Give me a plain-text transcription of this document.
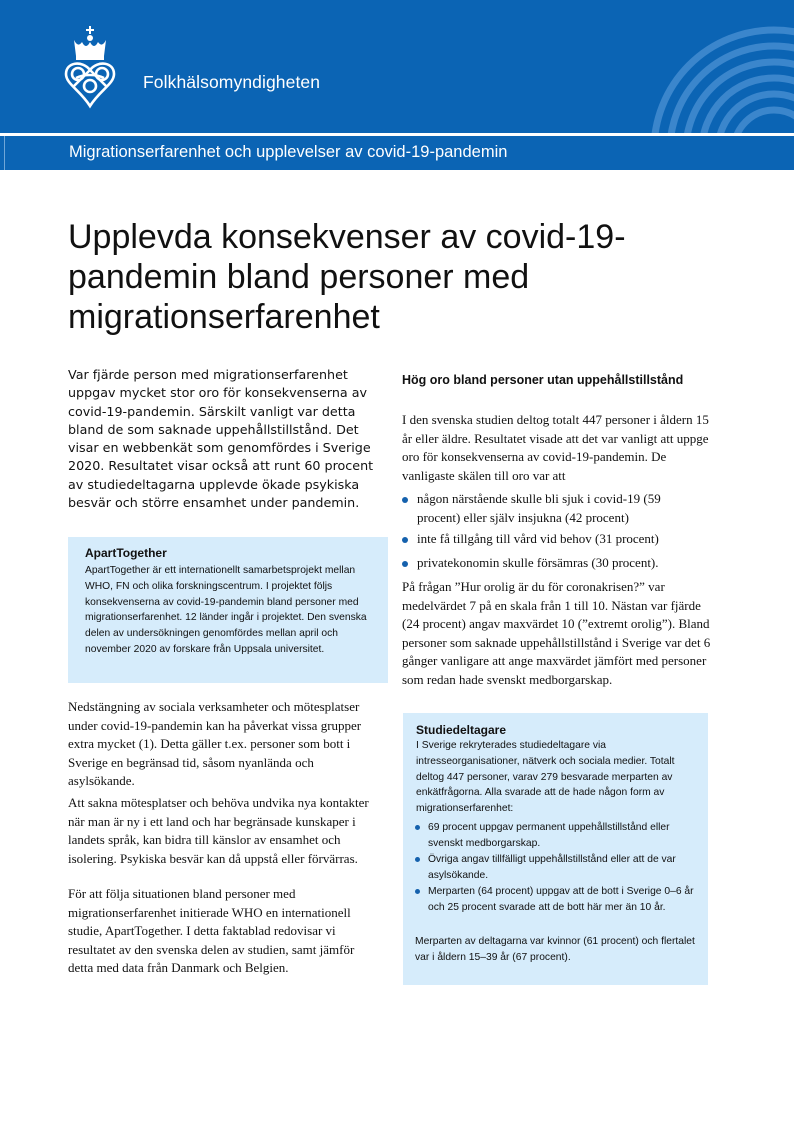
Folkhälsomyndigheten
Migrationserfarenhet och upplevelser av covid-19-pandemin
Upplevda konsekvenser av covid-19-pandemin bland personer med migrationserfarenhet

Var fjärde person med migrationserfarenhet uppgav mycket stor oro för konsekvenserna av covid-19-pandemin. Särskilt vanligt var detta bland de som saknade uppehållstillstånd. Det visar en webbenkät som genomfördes i Sverige 2020. Resultatet visar också att runt 60 procent av studiedeltagarna upplevde ökade psykiska besvär och större ensamhet under pandemin.

ApartTogether

ApartTogether är ett internationellt samarbetsprojekt mellan WHO, FN och olika forskningscentrum. I projektet följs konsekvenserna av covid-19-pandemin bland personer med migrationserfarenhet. 12 länder ingår i projektet. Den svenska delen av undersökningen genomfördes mellan april och november 2020 av forskare från Uppsala universitet.

Nedstängning av sociala verksamheter och mötesplatser under covid-19-pandemin kan ha påverkat vissa grupper extra mycket (1). Detta gäller t.ex. personer som bott i Sverige en begränsad tid, såsom nyanlända och asylsökande.

Att sakna mötesplatser och behöva undvika nya kontakter när man är ny i ett land och har begränsade kunskaper i landets språk, kan bidra till känslor av ensamhet och isolering. Psykiska besvär kan då uppstå eller förvärras.

För att följa situationen bland personer med migrationserfarenhet initierade WHO en internationell studie, ApartTogether. I detta faktablad redovisar vi resultatet av den svenska delen av studien, samt jämför detta med data från Danmark och Belgien.

Hög oro bland personer utan uppehållstillstånd

I den svenska studien deltog totalt 447 personer i åldern 15 år eller äldre. Resultatet visade att det var vanligt att uppge oro för konsekvenserna av covid-19-pandemin. De vanligaste skälen till oro var att

någon närstående skulle bli sjuk i covid-19 (59 procent) eller själv insjukna (42 procent)

inte få tillgång till vård vid behov (31 procent)

privatekonomin skulle försämras (30 procent).

På frågan ”Hur orolig är du för coronakrisen?” var medelvärdet 7 på en skala från 1 till 10. Nästan var fjärde (24 procent) angav maxvärdet 10 (”extremt orolig”). Bland personer som saknade uppehållstillstånd i Sverige var det 6 gånger vanligare att ange maxvärdet jämfört med personer som redan hade svenskt medborgarskap.

Studiedeltagare

I Sverige rekryterades studiedeltagare via intresseorganisationer, nätverk och sociala medier. Totalt deltog 447 personer, varav 279 besvarade merparten av enkätfrågorna. Alla svarade att de hade någon form av migrationserfarenhet:

69 procent uppgav permanent uppehållstillstånd eller svenskt medborgarskap.

Övriga angav tillfälligt uppehållstillstånd eller att de var asylsökande.

Merparten (64 procent) uppgav att de bott i Sverige 0–6 år och 25 procent svarade att de bott här mer än 10 år.

Merparten av deltagarna var kvinnor (61 procent) och flertalet var i åldern 15–39 år (67 procent).
